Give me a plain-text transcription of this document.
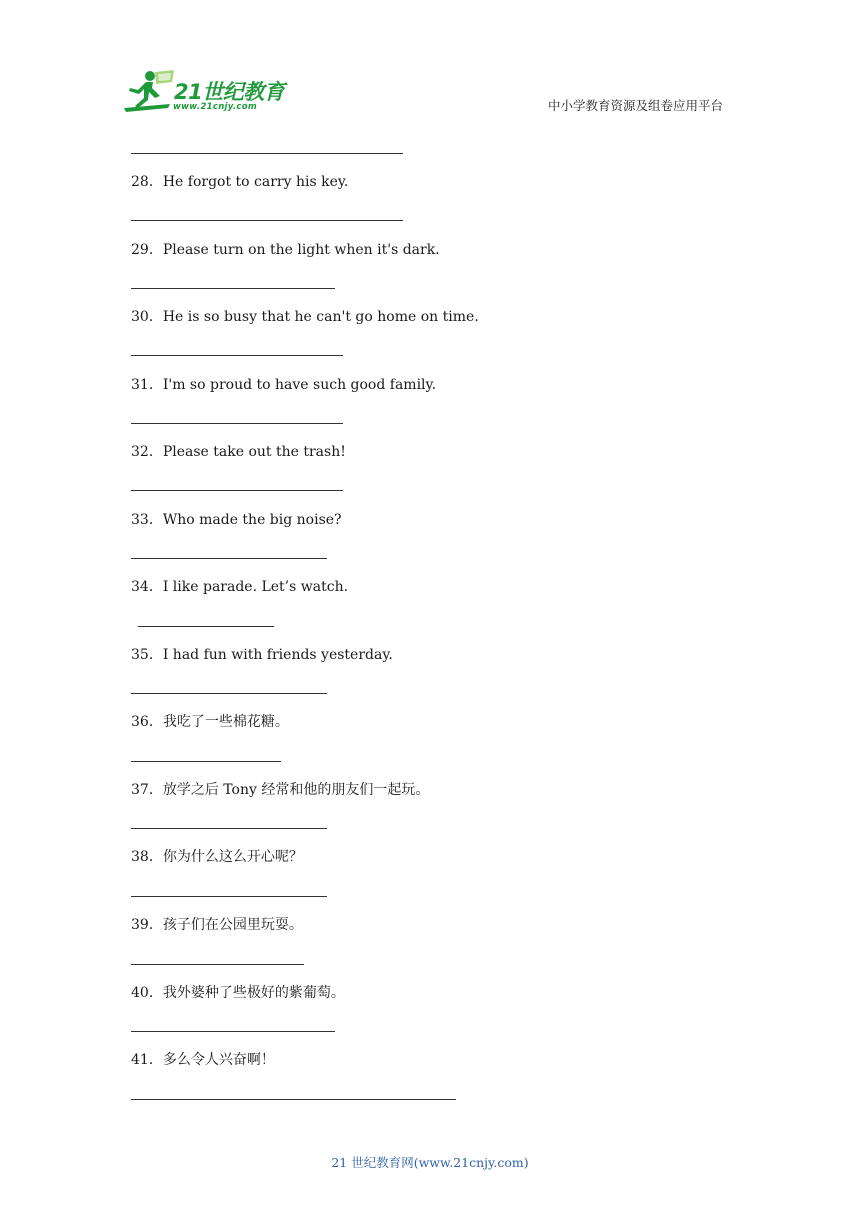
21世纪教育
www.21cnjy.com	中小学教育资源及组卷应用平台
28．He forgot to carry his key.
29．Please turn on the light when it's dark.
30．He is so busy that he can't go home on time.
31．I'm so proud to have such good family.
32．Please take out the trash!
33．Who made the big noise?
34．I like parade. Let’s watch.
35．I had fun with friends yesterday.
36．我吃了一些棉花糖。
37．放学之后 Tony 经常和他的朋友们一起玩。
38．你为什么这么开心呢？
39．孩子们在公园里玩耍。
40．我外婆种了些极好的紫葡萄。
41．多么令人兴奋啊！
21 世纪教育网(www.21cnjy.com)
